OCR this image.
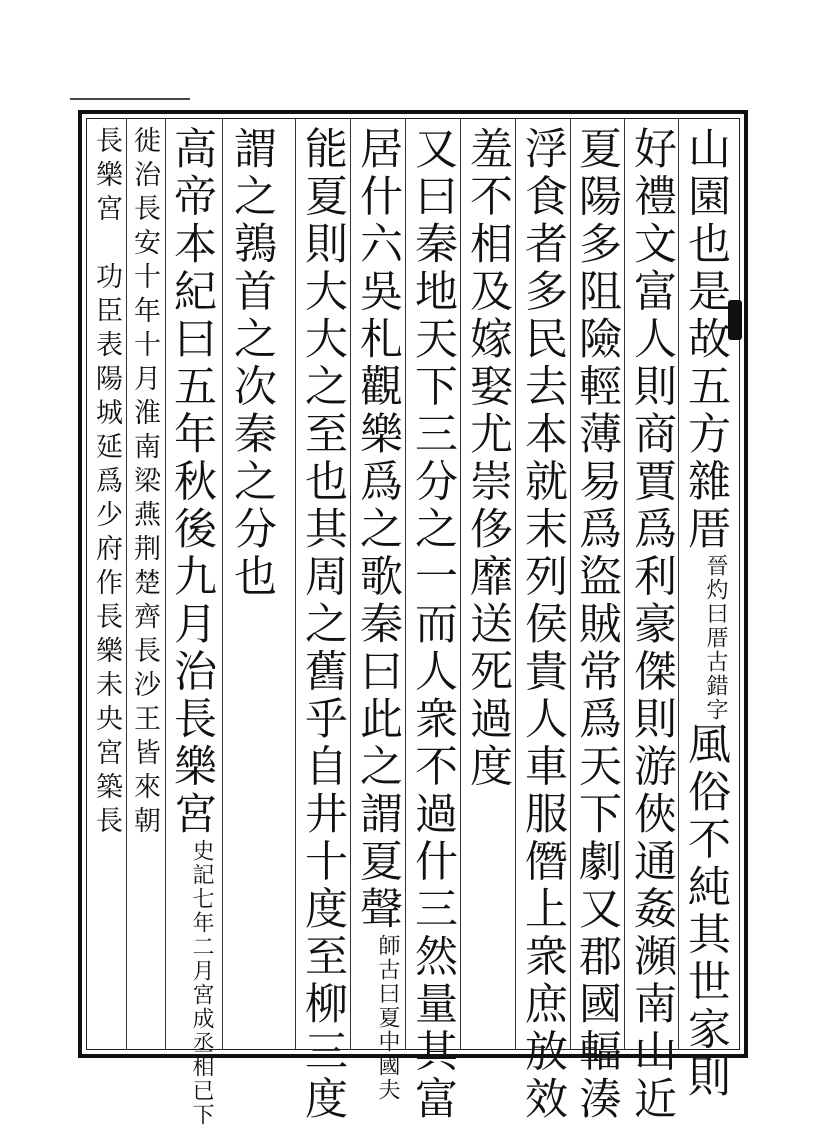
山園也是故五方雜厝晉灼曰厝古錯字風俗不純其世家則
好禮文富人則商賈爲利豪傑則游俠通姦瀕南山近
夏陽多阻險輕薄易爲盜賊常爲天下劇又郡國輻湊
浮食者多民去本就末列侯貴人車服僭上衆庶放效
羞不相及嫁娶尤崇侈靡送死過度
又曰秦地天下三分之一而人衆不過什三然量其富
居什六吳札觀樂爲之歌秦曰此之謂夏聲師古曰夏中國夫
能夏則大大之至也其周之舊乎自井十度至柳三度
謂之鶉首之次秦之分也
高帝本紀曰五年秋後九月治長樂宮史記七年二月宮成丞相已下
徙治長安十年十月淮南梁燕荆楚齊長沙王皆來朝
長樂宮　功臣表陽城延爲少府作長樂未央宮築長
